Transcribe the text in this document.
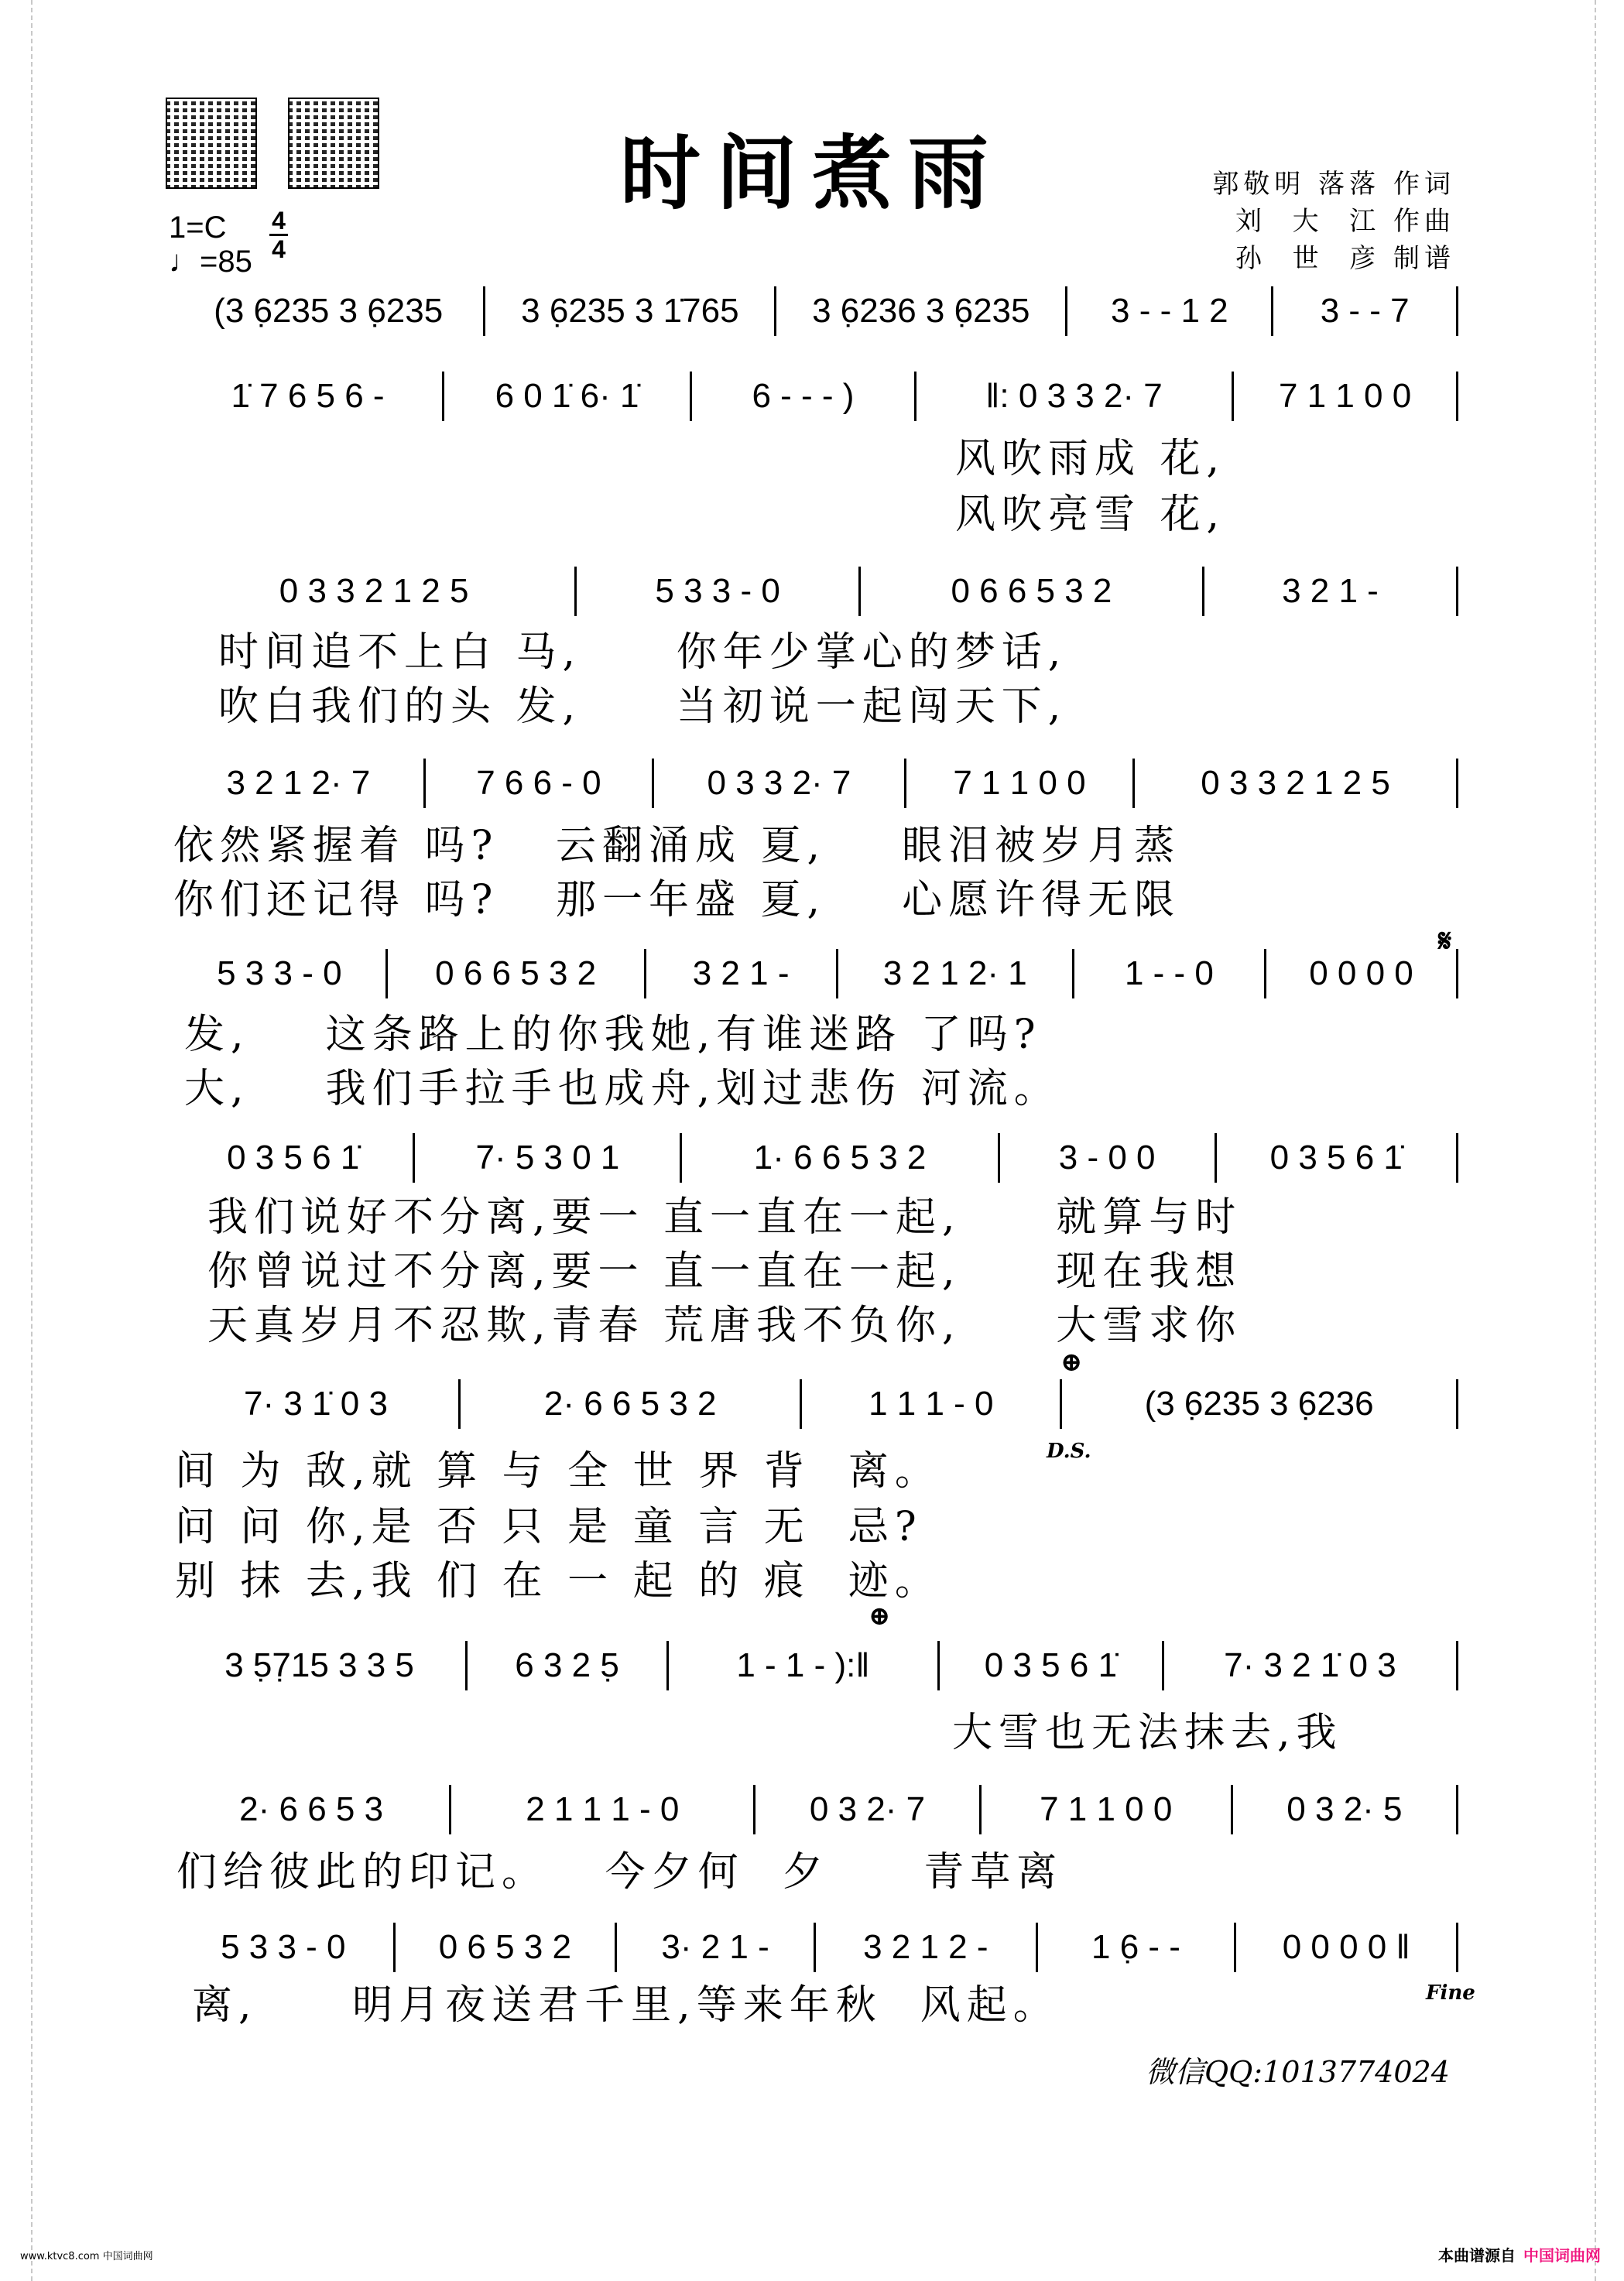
时间煮雨	郭敬明 落落 作词
刘  大  江 作曲
孙  世  彦 制谱
1=C
♩=85
4
4
(3 6̣235 3 6̣235	3 6̣235 3 1̇765	3 6̣236 3 6̣235	3 - - 1 2	3 - - 7
1̇ 7 6 5 6 -	6 0 1̇ 6· 1̇	6 - - - )	‖: 0 3 3 2· 7	7 1 1 0 0
风吹雨成 花,
风吹亮雪 花,
0 3 3 2 1 2 5	5 3 3 - 0	0 6 6 5 3 2	3 2 1 -
时间追不上白 马,     你年少掌心的梦话,
吹白我们的头 发,     当初说一起闯天下,
3 2 1 2· 7	7 6 6 - 0	0 3 3 2· 7	7 1 1 0 0	0 3 3 2 1 2 5
依然紧握着 吗?   云翻涌成 夏,    眼泪被岁月蒸
你们还记得 吗?   那一年盛 夏,    心愿许得无限
5 3 3 - 0	0 6 6 5 3 2	3 2 1 -	3 2 1 2· 1	1 - - 0	0 0 0 0
发,    这条路上的你我她,有谁迷路 了吗?
大,    我们手拉手也成舟,划过悲伤 河流。
0 3 5 6 1̇	7· 5 3 0 1	1· 6 6 5 3 2	3 - 0 0	0 3 5 6 1̇
我们说好不分离,要一 直一直在一起,     就算与时
你曾说过不分离,要一 直一直在一起,     现在我想
天真岁月不忍欺,青春 荒唐我不负你,     大雪求你
7· 3 1̇ 0 3	2· 6 6 5 3 2	1 1 1 - 0	(3 6̣235 3 6̣236
间 为 敌,就 算 与 全 世 界 背  离。
问 问 你,是 否 只 是 童 言 无  忌?
别 抹 去,我 们 在 一 起 的 痕  迹。
3 5̣7̣15 3 3 5	6 3 2 5̣	1 - 1 - ):‖	0 3 5 6 1̇	7· 3 2 1̇ 0 3
大雪也无法抹去,我
2· 6 6 5 3	2 1 1 1 - 0	0 3 2· 7	7 1 1 0 0	0 3 2· 5
们给彼此的印记。   今夕何  夕     青草离
5 3 3 - 0	0 6 5 3 2	3· 2 1 -	3 2 1 2 -	1 6̣ - -	0 0 0 0 ‖
离,     明月夜送君千里,等来年秋  风起。
𝄋
⊕
D.S.
⊕
Fine
微信QQ:1013774024
www.ktvc8.com 中国词曲网	本曲谱源自 中国词曲网
